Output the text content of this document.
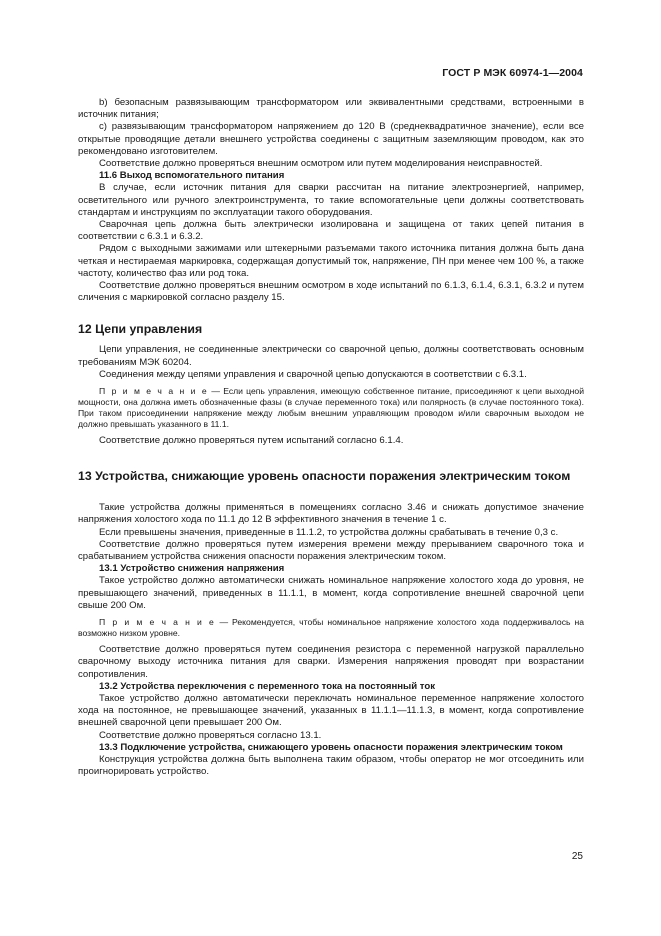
ГОСТ Р МЭК 60974-1—2004

b) безопасным развязывающим трансформатором или эквивалентными средствами, встроенными в источник питания;

c) развязывающим трансформатором напряжением до 120 В (среднеквадратичное значение), если все открытые проводящие детали внешнего устройства соединены с защитным заземляющим проводом, как это рекомендовано изготовителем.

Соответствие должно проверяться внешним осмотром или путем моделирования неисправностей.

11.6 Выход вспомогательного питания

В случае, если источник питания для сварки рассчитан на питание электроэнергией, например, осветительного или ручного электроинструмента, то такие вспомогательные цепи должны соответствовать стандартам и инструкциям по эксплуатации такого оборудования.

Сварочная цепь должна быть электрически изолирована и защищена от таких цепей питания в соответствии с 6.3.1 и 6.3.2.

Рядом с выходными зажимами или штекерными разъемами такого источника питания должна быть дана четкая и нестираемая маркировка, содержащая допустимый ток, напряжение, ПН при менее чем 100 %, а также частоту, количество фаз или род тока.

Соответствие должно проверяться внешним осмотром в ходе испытаний по 6.1.3, 6.1.4, 6.3.1, 6.3.2 и путем сличения с маркировкой согласно разделу 15.

12 Цепи управления

Цепи управления, не соединенные электрически со сварочной цепью, должны соответствовать основным требованиям МЭК 60204.

Соединения между цепями управления и сварочной цепью допускаются в соответствии с 6.3.1.

П р и м е ч а н и е — Если цепь управления, имеющую собственное питание, присоединяют к цепи выходной мощности, она должна иметь обозначенные фазы (в случае переменного тока) или полярность (в случае постоянного тока). При таком присоединении напряжение между любым внешним управляющим проводом и/или сварочным выходом не должно превышать указанного в 11.1.

Соответствие должно проверяться путем испытаний согласно 6.1.4.

13 Устройства, снижающие уровень опасности поражения электрическим током

Такие устройства должны применяться в помещениях согласно 3.46 и снижать допустимое значение напряжения холостого хода по 11.1 до 12 В эффективного значения в течение 1 с.

Если превышены значения, приведенные в 11.1.2, то устройства должны срабатывать в течение 0,3 с.

Соответствие должно проверяться путем измерения времени между прерыванием сварочного тока и срабатыванием устройства снижения опасности поражения электрическим током.

13.1 Устройство снижения напряжения

Такое устройство должно автоматически снижать номинальное напряжение холостого хода до уровня, не превышающего значений, приведенных в 11.1.1, в момент, когда сопротивление внешней сварочной цепи свыше 200 Ом.

П р и м е ч а н и е — Рекомендуется, чтобы номинальное напряжение холостого хода поддерживалось на возможно низком уровне.

Соответствие должно проверяться путем соединения резистора с переменной нагрузкой параллельно сварочному выходу источника питания для сварки. Измерения напряжения проводят при возрастании сопротивления.

13.2 Устройства переключения с переменного тока на постоянный ток

Такое устройство должно автоматически переключать номинальное переменное напряжение холостого хода на постоянное, не превышающее значений, указанных в 11.1.1—11.1.3, в момент, когда сопротивление внешней сварочной цепи превышает 200 Ом.

Соответствие должно проверяться согласно 13.1.

13.3 Подключение устройства, снижающего уровень опасности поражения электрическим током

Конструкция устройства должна быть выполнена таким образом, чтобы оператор не мог отсоединить или проигнорировать устройство.

25
